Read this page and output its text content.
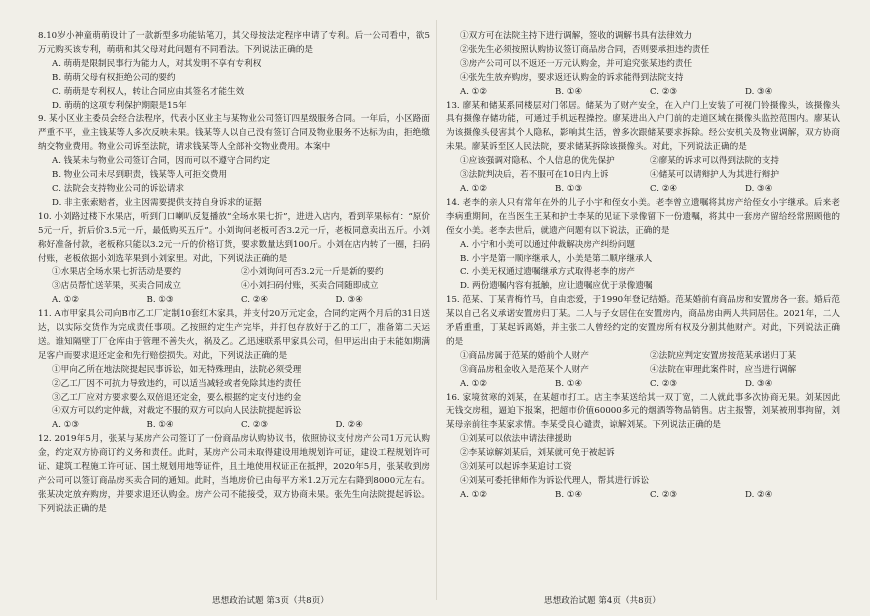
8.10岁小神童萌萌设计了一款新型多功能钻笔刀，其父母按法定程序申请了专利。后一公司看中，欲5万元购买该专利，萌萌和其父母对此问题有不同看法。下列说法正确的是

A. 萌萌是限制民事行为能力人，对其发明不享有专利权

B. 萌萌父母有权拒绝公司的要约

C. 萌萌是专利权人，转让合同应由其签名才能生效

D. 萌萌的这项专利保护期限是15年

9. 某小区业主委员会经合法程序，代表小区业主与某物业公司签订四星级服务合同。一年后，小区路面严重不平，业主钱某等人多次反映未果。钱某等人以自己没有签订合同及物业服务不达标为由，拒绝缴纳交物业费用。物业公司诉至法院，请求钱某等人全部补交物业费用。本案中

A. 钱某未与物业公司签订合同，因而可以不遵守合同约定

B. 物业公司未尽到职责，钱某等人可拒交费用

C. 法院会支持物业公司的诉讼请求

D. 非主张索赔者，业主因需要提供支持自身诉求的证据

10. 小刘路过楼下水果店，听到门口喇叭反复播放“全场水果七折”，进进入店内，看到苹果标有：“原价5元一斤，折后价3.5元一斤，最低购买五斤”。小刘询问老板可否3.2元一斤，老板同意卖出五斤。小刘称好准备付款，老板称只能以3.2元一斤的价格订货，要求数量达到100斤。小刘在店内转了一圈，扫码付账，老板依据小刘选苹果到小刘家里。对此，下列说法正确的是

①水果店全场水果七折活动是要约	②小刘询问可否3.2元一斤是新的要约
③店员帮忙送苹果，买卖合同成立	④小刘扫码付账，买卖合同随即成立
A. ①②	B. ①③	C. ②④	D. ③④

11. A市甲家具公司向B市乙工厂定制10套红木家具，并支付20万元定金，合同约定两个月后的31日送达，以实际交货作为完成责任事项。乙按照约定生产完毕，并打包存放好于乙的工厂，准备第二天运送。谁知隔壁丁厂仓库由于管理不善失火，祸及乙。乙迅速联系甲家具公司，但甲运出由于未能如期满足客户而要求退还定金和先行赔偿损失。对此，下列说法正确的是

①甲向乙所在地法院提起民事诉讼，如无特殊理由，法院必须受理

②乙工厂因不可抗力导致违约，可以适当减轻或者免除其违约责任

③乙工厂应对方要求要么双倍退还定金，要么根据约定支付违约金

④双方可以约定仲裁，对裁定不服的双方可以向人民法院提起诉讼

A. ①③	B. ①④	C. ②③	D. ②④

12. 2019年5月，张某与某房产公司签订了一份商品房认购协议书，依照协议支付房产公司1万元认购金，约定双方协商订约义务和责任。此时，某房产公司未取得建设用地规划许可证，建设工程规划许可证、建筑工程施工许可证、国土规划用地等证件，且土地使用权证正在抵押，2020年5月，张某收到房产公司可以签订商品房买卖合同的通知。此时，当地房价已由每平方米1.2万元左右降到8000元左右。张某决定放弃购房，并要求退还认购金。房产公司不能接受，双方协商未果。张先生向法院提起诉讼。下列说法正确的是

①双方可在法院主持下进行调解，签收的调解书具有法律效力

②张先生必须按照认购协议签订商品房合同，否则要承担违约责任

③房产公司可以不返还一万元认购金，并可追究张某违约责任

④张先生放弃购房，要求返还认购金的诉求能得到法院支持

A. ①②	B. ①④	C. ②③	D. ③④

13. 廖某和储某系同楼层对门邻居。储某为了财产安全，在入户门上安装了可视门铃摄像头，该摄像头具有摄像存储功能，可通过手机远程操控。廖某进出入户门前的走道区域在摄像头监控范围内。廖某认为该摄像头侵害其个人隐私，影响其生活，曾多次跟储某要求拆除。经公安机关及物业调解，双方协商未果。廖某诉至区人民法院，要求储某拆除该摄像头。对此，下列说法正确的是

①应该强调对隐私、个人信息的优先保护	②廖某的诉求可以得到法院的支持
③法院判决后，若不服可在10日内上诉	④储某可以请辩护人为其进行辩护
A. ①②	B. ①③	C. ②④	D. ③④

14. 老李的亲人只有常年在外的儿子小宇和侄女小美。老李曾立遗嘱将其房产给侄女小宇继承。后来老李病重期间，在当医生王某和护士李某的见证下录像留下一份遗嘱，将其中一套房产留给经常照顾他的侄女小美。老李去世后，就遗产问题有以下说法，正确的是

A. 小宁和小美可以通过仲裁解决房产纠纷问题

B. 小宇是第一顺序继承人，小美是第二顺序继承人

C. 小美无权通过遗嘱继承方式取得老李的房产

D. 两份遗嘱内容有抵触，应让遗嘱应优于录像遗嘱

15. 范某、丁某青梅竹马，自由恋爱，于1990年登记结婚。范某婚前有商品房和安置房各一套。婚后范某以自己名义承诺安置房归丁某。二人与子女居住在安置房内，商品房由两人共同居住。2021年，二人矛盾重重，丁某起诉离婚，并主张二人曾经约定的安置房所有权及分割其他财产。对此，下列说法正确的是

①商品房属于范某的婚前个人财产	②法院应判定安置房按范某承诺归丁某
③商品房租金收入是范某个人财产	④法院在审理此案件时，应当进行调解
A. ①②	B. ①④	C. ②③	D. ③④

16. 家境贫寒的刘某，在某超市打工。店主李某送给其一双丁宽，二人就此事多次协商无果。刘某因此无钱交房租，逼迫下报案，把超市价值60000多元的烟酒等物品销售。店主报警，刘某被刑事拘留，刘某母亲前往李某家求情。李某受良心谴责，谅解刘某。下列说法正确的是

①刘某可以依法申请法律援助

②李某谅解刘某后，刘某就可免于被起诉

③刘某可以起诉李某追讨工资

④刘某可委托律师作为诉讼代理人，帮其进行诉讼

A. ①②	B. ①④	C. ②③	D. ②④
思想政治试题 第3页（共8页）	思想政治试题 第4页（共8页）
